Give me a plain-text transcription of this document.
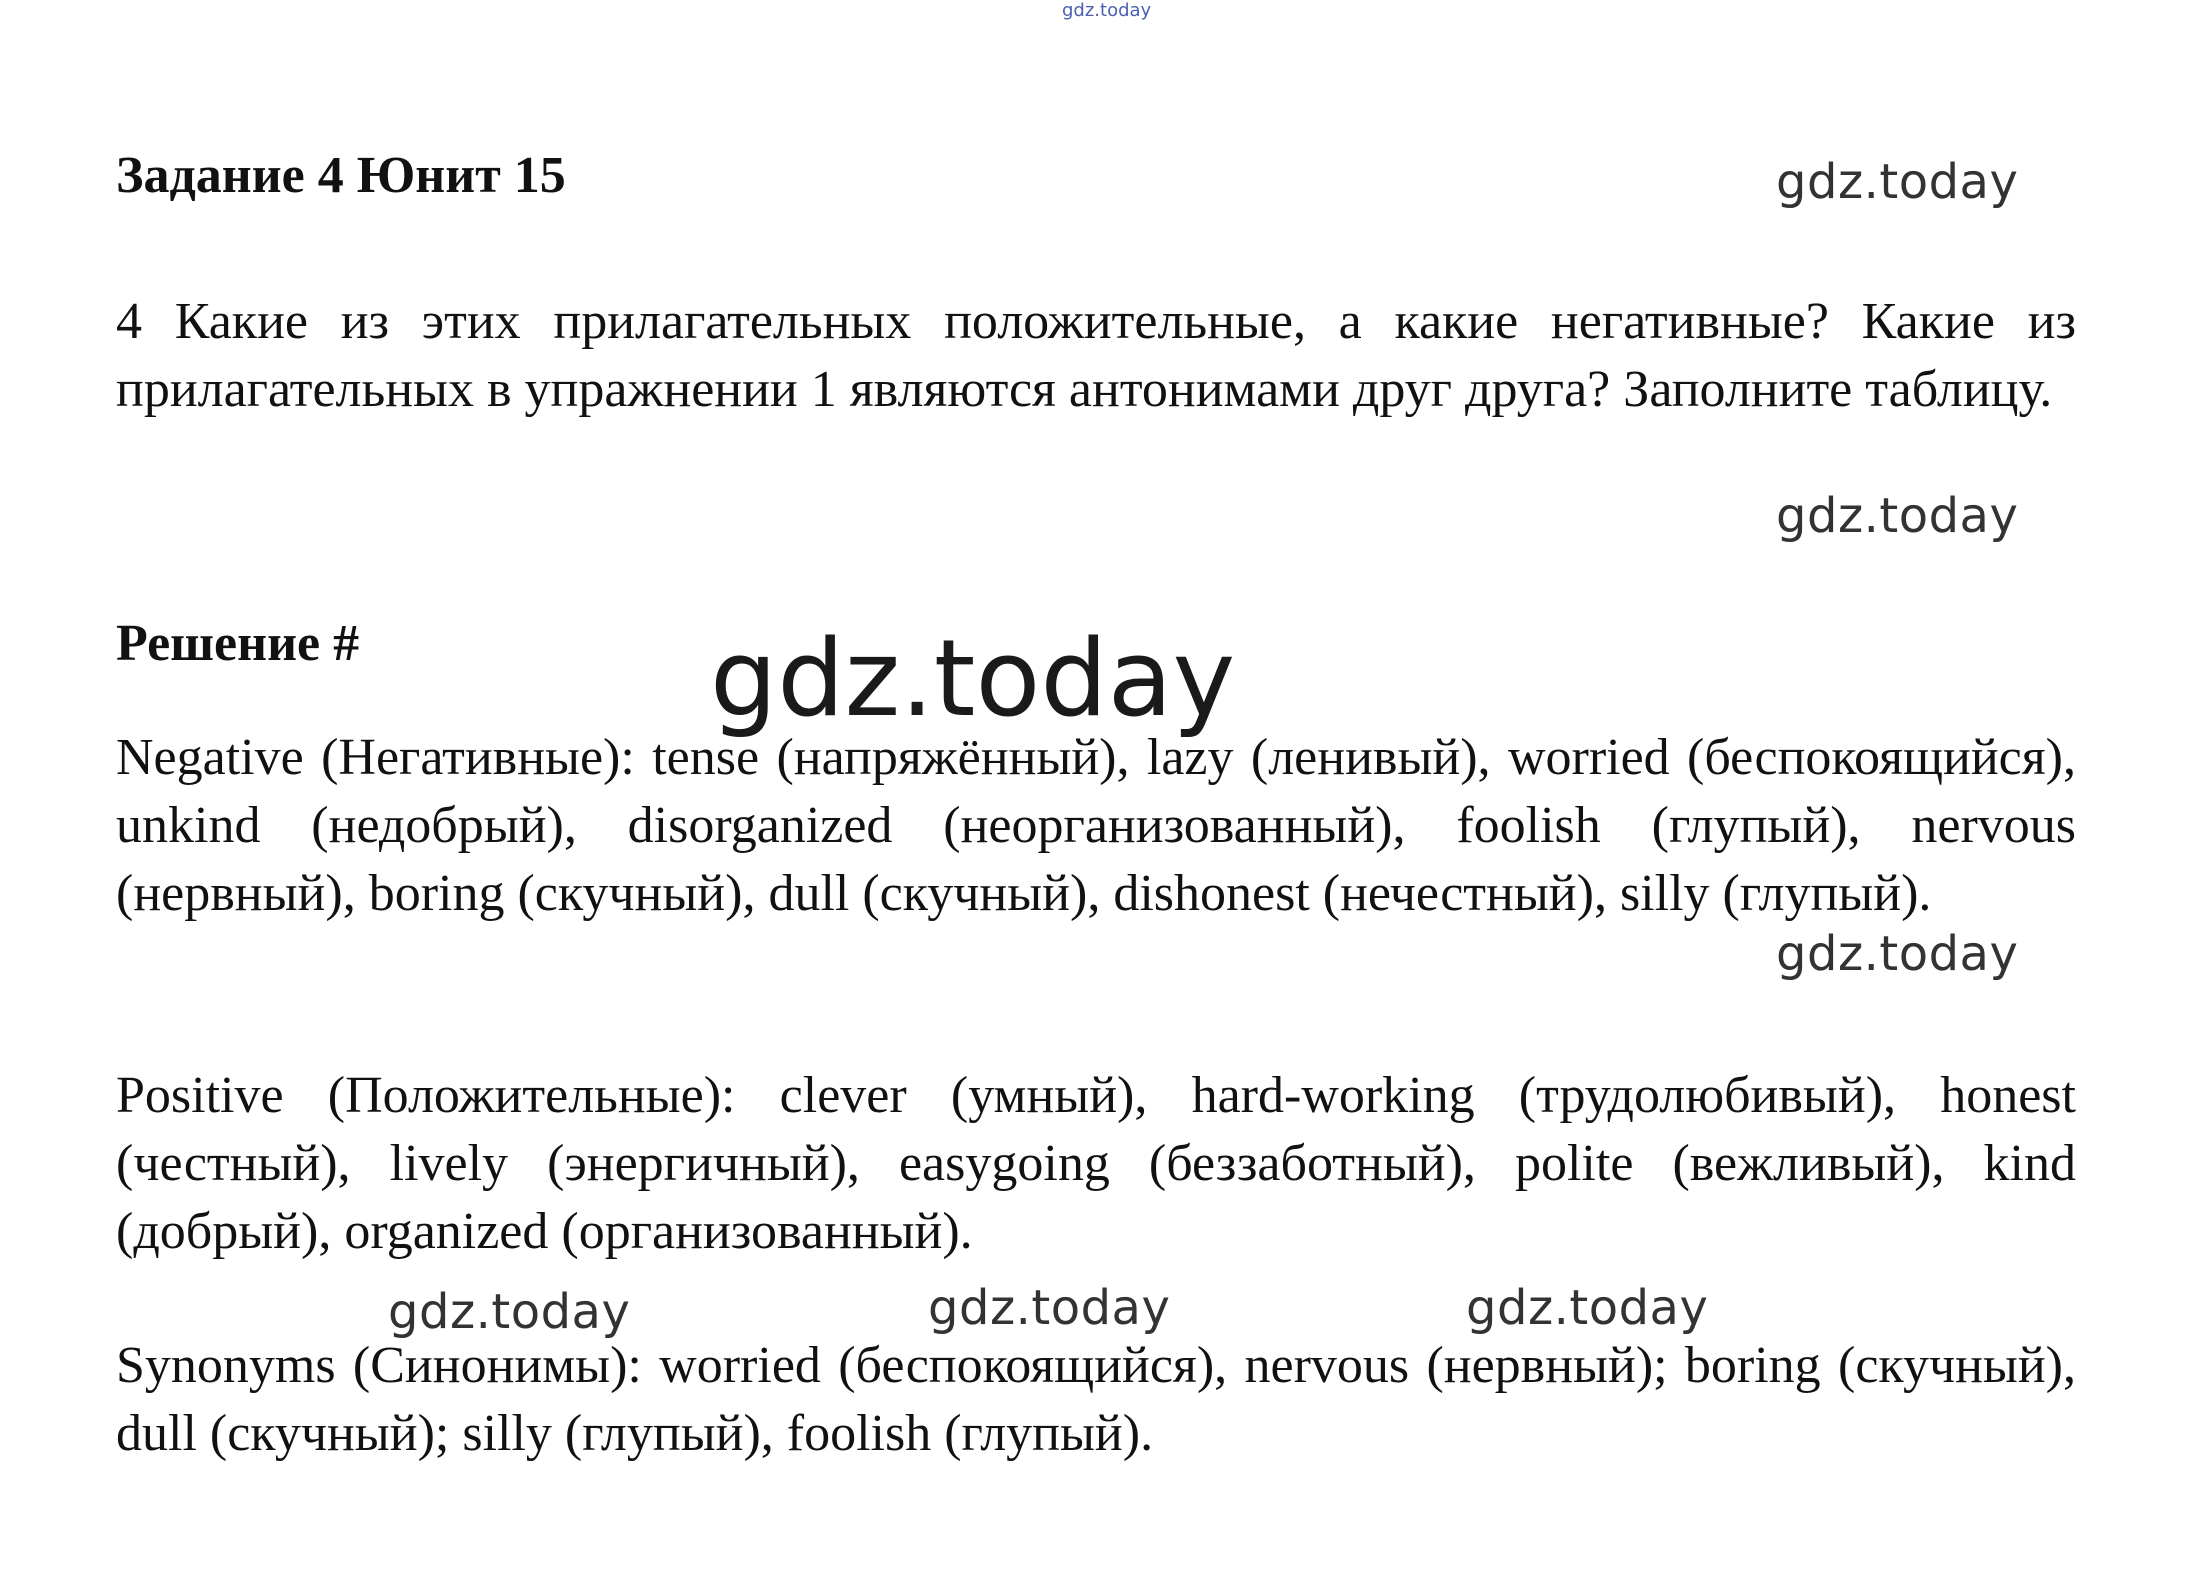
gdz.today
gdz.today
gdz.today
gdz.today
gdz.today
gdz.today	gdz.today	gdz.today
Задание 4 Юнит 15
4 Какие из этих прилагательных положительные, а какие негативные? Какие из прилагательных в упражнении 1 являются антонимами друг друга? Заполните таблицу.
Решение #
Negative (Негативные): tense (напряжённый), lazy (ленивый), worried (беспокоящийся), unkind (недобрый), disorganized (неорганизованный), foolish (глупый), nervous (нервный), boring (скучный), dull (скучный), dishonest (нечестный), silly (глупый).
Positive (Положительные): clever (умный), hard-working (трудолюбивый), honest (честный), lively (энергичный), easygoing (беззаботный), polite (вежливый), kind (добрый), organized (организованный).
Synonyms (Синонимы): worried (беспокоящийся), nervous (нервный); boring (скучный), dull (скучный); silly (глупый), foolish (глупый).
